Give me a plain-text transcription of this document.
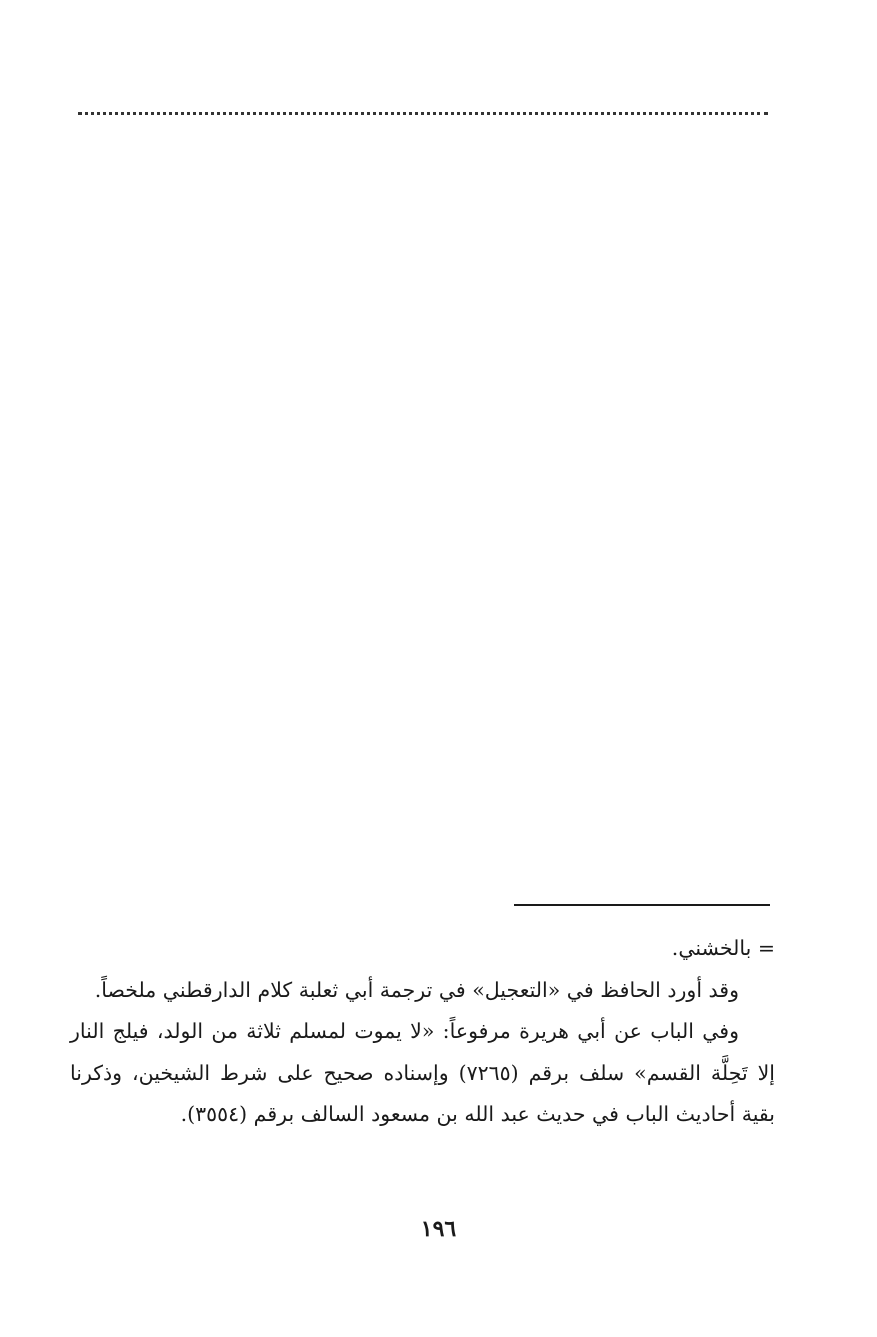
= بالخشني.

وقد أورد الحافظ في «التعجيل» في ترجمة أبي ثعلبة كلام الدارقطني ملخصاً.

وفي الباب عن أبي هريرة مرفوعاً: «لا يموت لمسلم ثلاثة من الولد، فيلج النار إلا تَحِلَّة القسم» سلف برقم (٧٢٦٥) وإسناده صحيح على شرط الشيخين، وذكرنا بقية أحاديث الباب في حديث عبد الله بن مسعود السالف برقم (٣٥٥٤).

١٩٦
